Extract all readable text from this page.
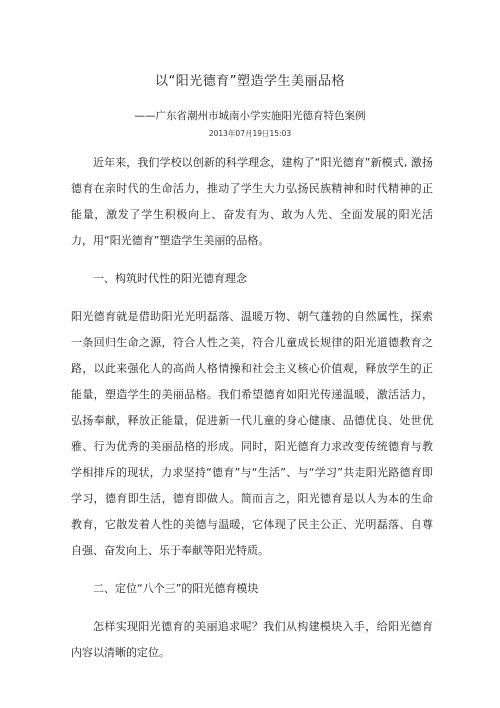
以“阳光德育”塑造学生美丽品格
——广东省潮州市城南小学实施阳光德育特色案例
2013年07月19日15:03

近年来，我们学校以创新的科学理念，建构了“阳光德育”新模式, 激扬德育在亲时代的生命活力，推动了学生大力弘扬民族精神和时代精神的正能量，激发了学生积极向上、奋发有为、敢为人先、全面发展的阳光活力，用“阳光德育”塑造学生美丽的品格。

一、构筑时代性的阳光德育理念

阳光德育就是借助阳光光明磊落、温暖万物、朝气蓬勃的自然属性，探索一条回归生命之源，符合人性之美，符合儿童成长规律的阳光道德教育之路，以此来强化人的高尚人格情操和社会主义核心价值观，释放学生的正能量，塑造学生的美丽品格。我们希望德育如阳光传递温暖，激活活力，弘扬奉献，释放正能量，促进新一代儿童的身心健康、品德优良、处世优雅、行为优秀的美丽品格的形成。同时，阳光德育力求改变传统德育与教学相排斥的现状，力求坚持“德育”与“生活”、与“学习”共走阳光路德育即学习，德育即生活，德育即做人。简而言之，阳光德育是以人为本的生命教育，它散发着人性的美德与温暖，它体现了民主公正、光明磊落、自尊自强、奋发向上、乐于奉献等阳光特质。

二、定位“八个三”的阳光德育模块

怎样实现阳光德育的美丽追求呢？我们从构建模块入手，给阳光德育内容以清晰的定位。
